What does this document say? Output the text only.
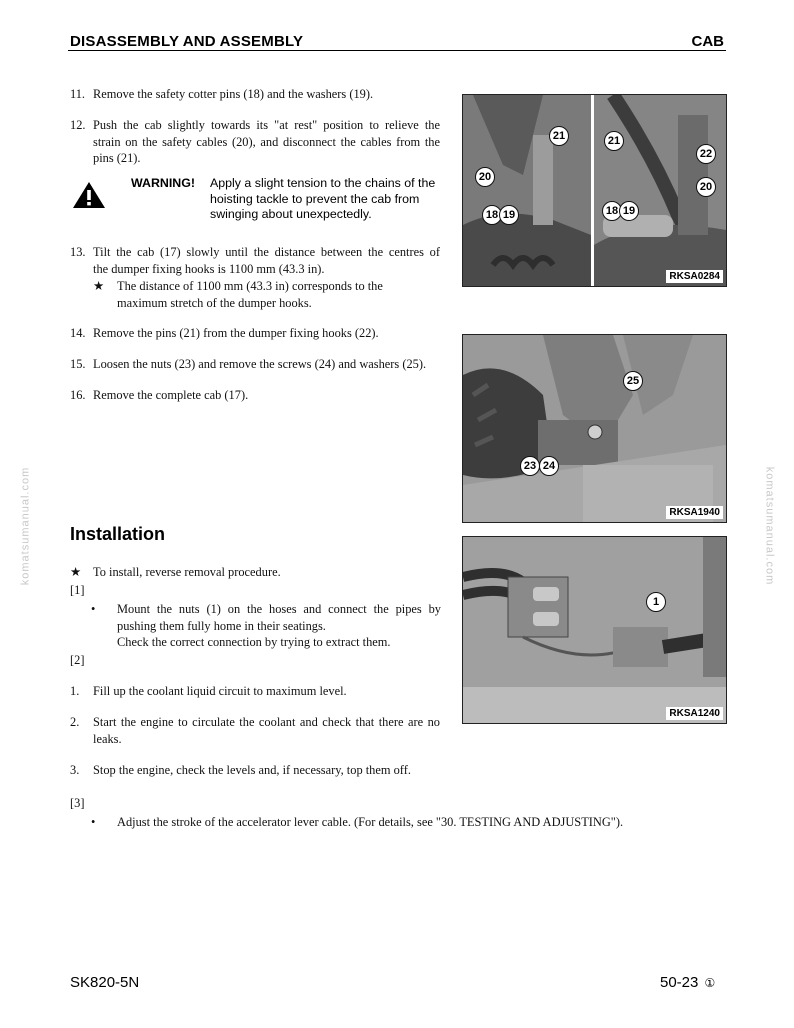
DISASSEMBLY AND ASSEMBLY	CAB
komatsumanual.com	komatsumanual.com
11. Remove the safety cotter pins (18) and the washers (19).
12. Push the cab slightly towards its "at rest" position to relieve the
strain on the safety cables (20), and disconnect the cables from the
pins (21).
WARNING! Apply a slight tension to the chains of the
hoisting tackle to prevent the cab from
swinging about unexpectedly.
13. Tilt the cab (17) slowly until the distance between the centres of
the dumper fixing hooks is 1100 mm (43.3 in).
★ The distance of 1100 mm (43.3 in) corresponds to the
maximum stretch of the dumper hooks.
14. Remove the pins (21) from the dumper fixing hooks (22).
15. Loosen the nuts (23) and remove the screws (24) and washers (25).
16. Remove the complete cab (17).
Installation
★ To install, reverse removal procedure.
[1]
• Mount the nuts (1) on the hoses and connect the pipes by
pushing them fully home in their seatings.
Check the correct connection by trying to extract them.
[2]
1. Fill up the coolant liquid circuit to maximum level.
2. Start the engine to circulate the coolant and check that there are no
leaks.
3. Stop the engine, check the levels and, if necessary, top them off.
[3]
• Adjust the stroke of the accelerator lever cable. (For details, see "30. TESTING AND ADJUSTING").
21
20
18 19
21
22
20
18 19
RKSA0284
25
23 24
RKSA1940
1
RKSA1240
SK820-5N	50-23 ①
